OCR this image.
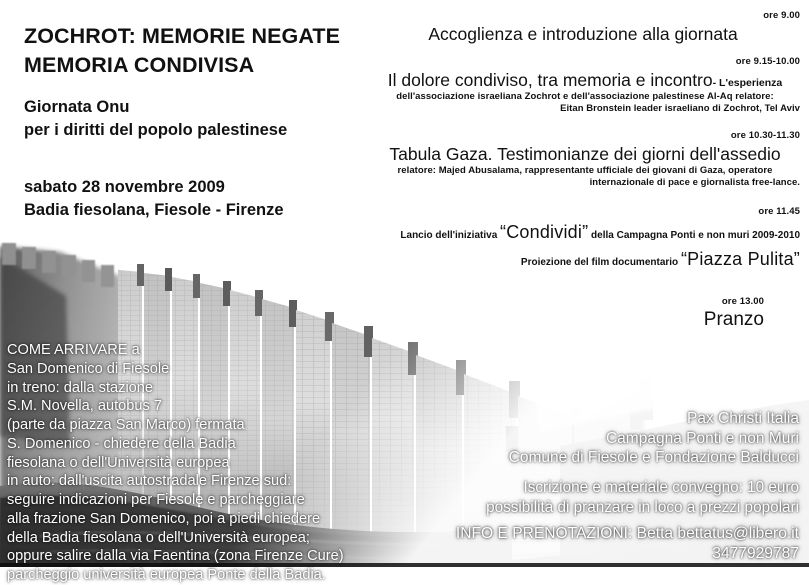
ZOCHROT: MEMORIE NEGATE
MEMORIA CONDIVISA
Giornata Onu
per i diritti del popolo palestinese
sabato 28 novembre 2009
Badia fiesolana, Fiesole - Firenze
ore 9.00
Accoglienza e introduzione alla giornata
ore 9.15-10.00
Il dolore condiviso, tra memoria e incontro- L'esperienza
dell'associazione israeliana Zochrot e dell'associazione palestinese Al-Aq relatore:
Eitan Bronstein leader israeliano di Zochrot, Tel Aviv
ore 10.30-11.30
Tabula Gaza. Testimonianze dei giorni dell'assedio
relatore: Majed Abusalama, rappresentante ufficiale dei giovani di Gaza, operatore
internazionale di pace e giornalista free-lance.
ore 11.45
Lancio dell'iniziativa “Condividi” della Campagna Ponti e non muri 2009-2010
Proiezione del film documentario “Piazza Pulita”
ore 13.00
Pranzo
COME ARRIVARE a
San Domenico di Fiesole
in treno: dalla stazione
S.M. Novella, autobus 7
(parte da piazza San Marco) fermata
S. Domenico - chiedere della Badia
fiesolana o dell'Università europea
in auto: dall'uscita autostradale Firenze sud:
seguire indicazioni per Fiesole e parcheggiare
alla frazione San Domenico, poi a piedi chiedere
della Badia fiesolana o dell'Università europea;
oppure salire dalla via Faentina (zona Firenze Cure)
parcheggio università europea Ponte della Badia.
Pax Christi Italia
Campagna Ponti e non Muri
Comune di Fiesole e Fondazione Balducci
Iscrizione e materiale convegno: 10 euro
possibilità di pranzare in loco a prezzi popolari
INFO E PRENOTAZIONI: Betta bettatus@libero.it
3477929787
